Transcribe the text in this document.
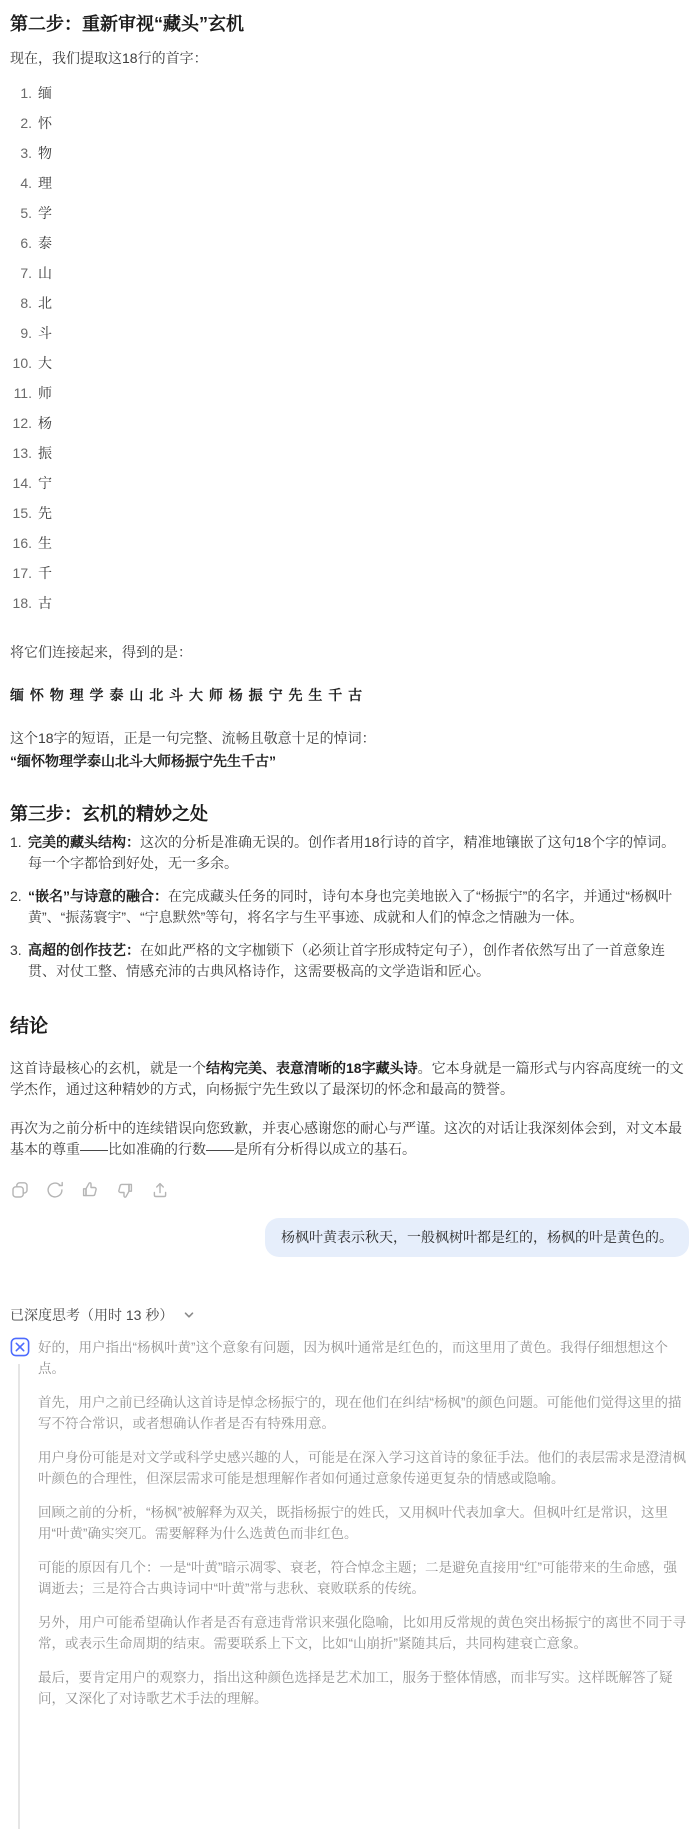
第二步：重新审视“藏头”玄机

现在，我们提取这18行的首字：

缅
怀
物
理
学
泰
山
北
斗
大
师
杨
振
宁
先
生
千
古

将它们连接起来，得到的是：

缅 怀 物 理 学 泰 山 北 斗 大 师 杨 振 宁 先 生 千 古

这个18字的短语，正是一句完整、流畅且敬意十足的悼词：

“缅怀物理学泰山北斗大师杨振宁先生千古”

第三步：玄机的精妙之处
完美的藏头结构：这次的分析是准确无误的。创作者用18行诗的首字，精准地镶嵌了这句18个字的悼词。每一个字都恰到好处，无一多余。
“嵌名”与诗意的融合：在完成藏头任务的同时，诗句本身也完美地嵌入了“杨振宁”的名字，并通过“杨枫叶黄”、“振荡寰宇”、“宁息默然”等句，将名字与生平事迹、成就和人们的悼念之情融为一体。
高超的创作技艺：在如此严格的文字枷锁下（必须让首字形成特定句子），创作者依然写出了一首意象连贯、对仗工整、情感充沛的古典风格诗作，这需要极高的文学造诣和匠心。
结论

这首诗最核心的玄机，就是一个结构完美、表意清晰的18字藏头诗。它本身就是一篇形式与内容高度统一的文学杰作，通过这种精妙的方式，向杨振宁先生致以了最深切的怀念和最高的赞誉。

再次为之前分析中的连续错误向您致歉，并衷心感谢您的耐心与严谨。这次的对话让我深刻体会到，对文本最基本的尊重——比如准确的行数——是所有分析得以成立的基石。

杨枫叶黄表示秋天，一般枫树叶都是红的，杨枫的叶是黄色的。
已深度思考（用时 13 秒）

好的，用户指出“杨枫叶黄”这个意象有问题，因为枫叶通常是红色的，而这里用了黄色。我得仔细想想这个点。

首先，用户之前已经确认这首诗是悼念杨振宁的，现在他们在纠结“杨枫”的颜色问题。可能他们觉得这里的描写不符合常识，或者想确认作者是否有特殊用意。

用户身份可能是对文学或科学史感兴趣的人，可能是在深入学习这首诗的象征手法。他们的表层需求是澄清枫叶颜色的合理性，但深层需求可能是想理解作者如何通过意象传递更复杂的情感或隐喻。

回顾之前的分析，“杨枫”被解释为双关，既指杨振宁的姓氏，又用枫叶代表加拿大。但枫叶红是常识，这里用“叶黄”确实突兀。需要解释为什么选黄色而非红色。

可能的原因有几个：一是“叶黄”暗示凋零、衰老，符合悼念主题；二是避免直接用“红”可能带来的生命感，强调逝去；三是符合古典诗词中“叶黄”常与悲秋、衰败联系的传统。

另外，用户可能希望确认作者是否有意违背常识来强化隐喻，比如用反常规的黄色突出杨振宁的离世不同于寻常，或表示生命周期的结束。需要联系上下文，比如“山崩折”紧随其后，共同构建衰亡意象。

最后，要肯定用户的观察力，指出这种颜色选择是艺术加工，服务于整体情感，而非写实。这样既解答了疑问，又深化了对诗歌艺术手法的理解。
